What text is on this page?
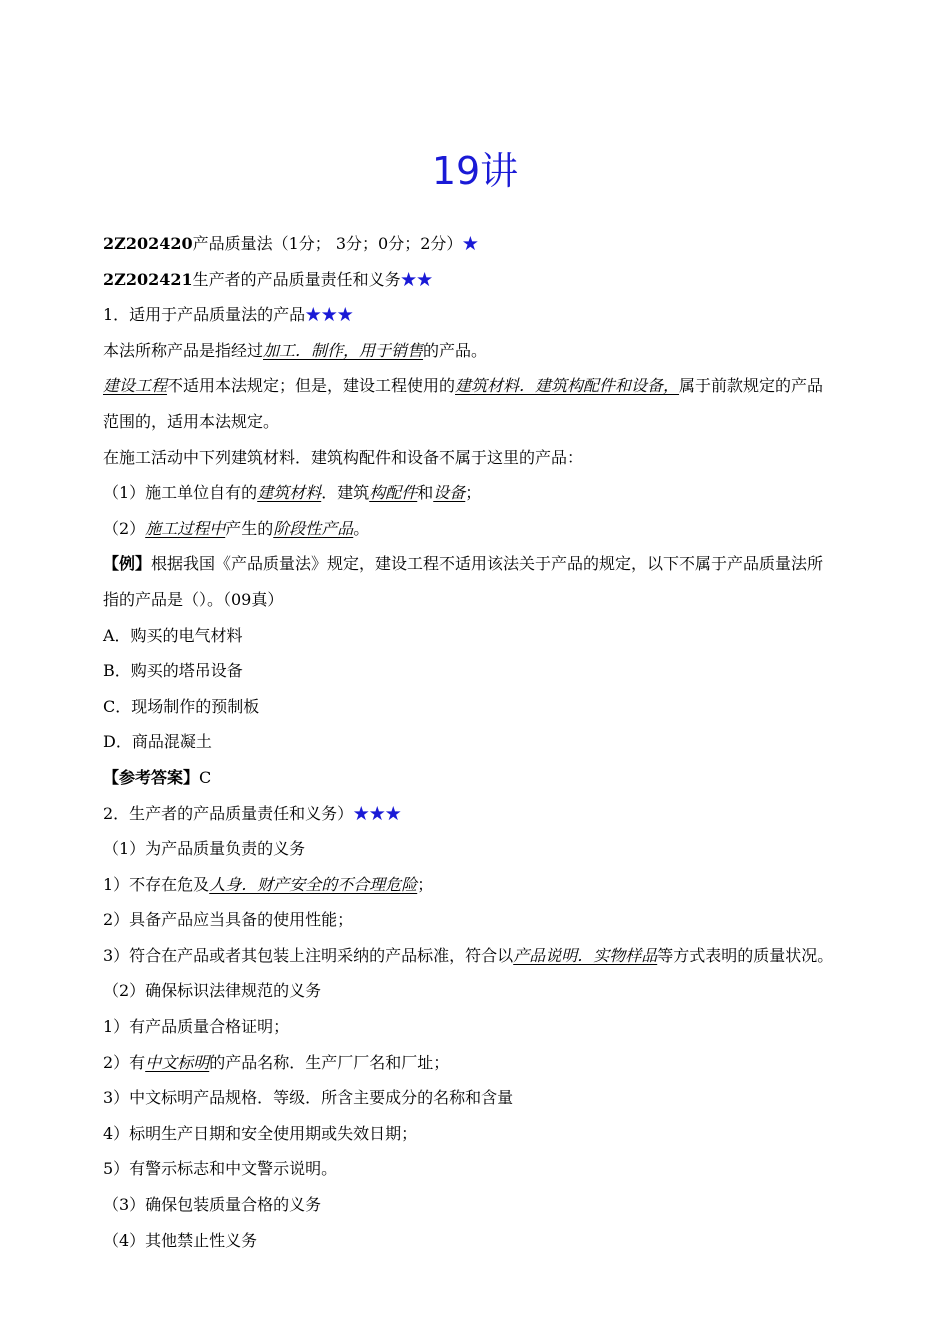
19讲
2Z202420产品质量法（1分； 3分；0分；2分）★
2Z202421生产者的产品质量责任和义务★★
1．适用于产品质量法的产品★★★
本法所称产品是指经过加工．制作，用于销售的产品。
建设工程不适用本法规定；但是，建设工程使用的建筑材料．建筑构配件和设备，属于前款规定的产品范围的，适用本法规定。
在施工活动中下列建筑材料．建筑构配件和设备不属于这里的产品：
（1）施工单位自有的建筑材料．建筑构配件和设备；
（2）施工过程中产生的阶段性产品。
【例】根据我国《产品质量法》规定，建设工程不适用该法关于产品的规定，以下不属于产品质量法所指的产品是（）。（09真）
A．购买的电气材料
B．购买的塔吊设备
C．现场制作的预制板
D．商品混凝土
【参考答案】C
2．生产者的产品质量责任和义务）★★★
（1）为产品质量负责的义务
1）不存在危及人身．财产安全的不合理危险；
2）具备产品应当具备的使用性能；
3）符合在产品或者其包装上注明采纳的产品标准，符合以产品说明．实物样品等方式表明的质量状况。
（2）确保标识法律规范的义务
1）有产品质量合格证明；
2）有中文标明的产品名称．生产厂厂名和厂址；
3）中文标明产品规格．等级．所含主要成分的名称和含量
4）标明生产日期和安全使用期或失效日期；
5）有警示标志和中文警示说明。
（3）确保包装质量合格的义务
（4）其他禁止性义务
